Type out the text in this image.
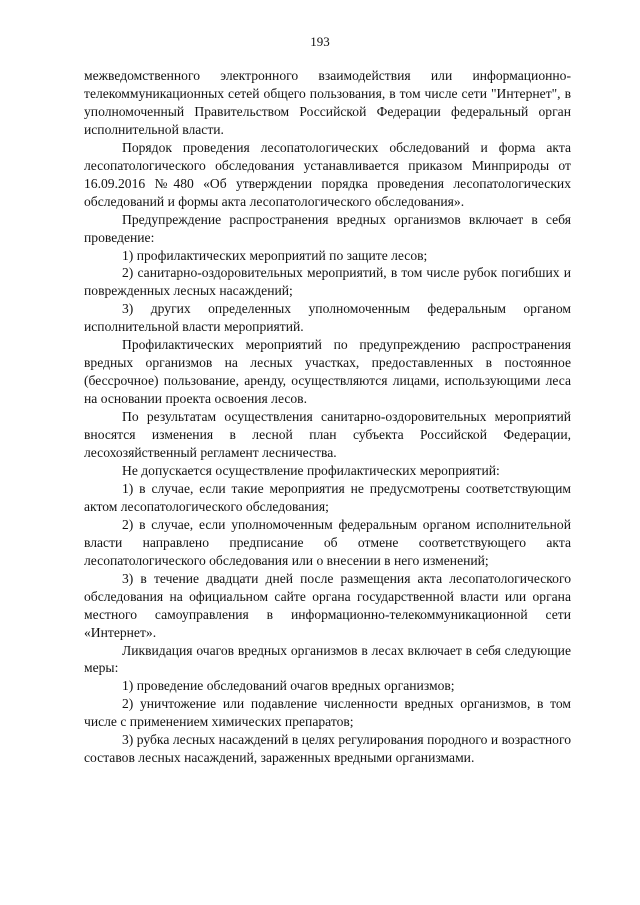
193

межведомственного электронного взаимодействия или информационно-телекоммуникационных сетей общего пользования, в том числе сети "Интернет", в уполномоченный Правительством Российской Федерации федеральный орган исполнительной власти.

Порядок проведения лесопатологических обследований и форма акта лесопатологического обследования устанавливается приказом Минприроды от 16.09.2016 №480 «Об утверждении порядка проведения лесопатологических обследований и формы акта лесопатологического обследования».

Предупреждение распространения вредных организмов включает в себя проведение:

1) профилактических мероприятий по защите лесов;

2) санитарно-оздоровительных мероприятий, в том числе рубок погибших и поврежденных лесных насаждений;

3) других определенных уполномоченным федеральным органом исполнительной власти мероприятий.

Профилактических мероприятий по предупреждению распространения вредных организмов на лесных участках, предоставленных в постоянное (бессрочное) пользование, аренду, осуществляются лицами, использующими леса на основании проекта освоения лесов.

По результатам осуществления санитарно-оздоровительных мероприятий вносятся изменения в лесной план субъекта Российской Федерации, лесохозяйственный регламент лесничества.

Не допускается осуществление профилактических мероприятий:

1) в случае, если такие мероприятия не предусмотрены соответствующим актом лесопатологического обследования;

2) в случае, если уполномоченным федеральным органом исполнительной власти направлено предписание об отмене соответствующего акта лесопатологического обследования или о внесении в него изменений;

3) в течение двадцати дней после размещения акта лесопатологического обследования на официальном сайте органа государственной власти или органа местного самоуправления в информационно-телекоммуникационной сети «Интернет».

Ликвидация очагов вредных организмов в лесах включает в себя следующие меры:

1) проведение обследований очагов вредных организмов;

2) уничтожение или подавление численности вредных организмов, в том числе с применением химических препаратов;

3) рубка лесных насаждений в целях регулирования породного и возрастного составов лесных насаждений, зараженных вредными организмами.
